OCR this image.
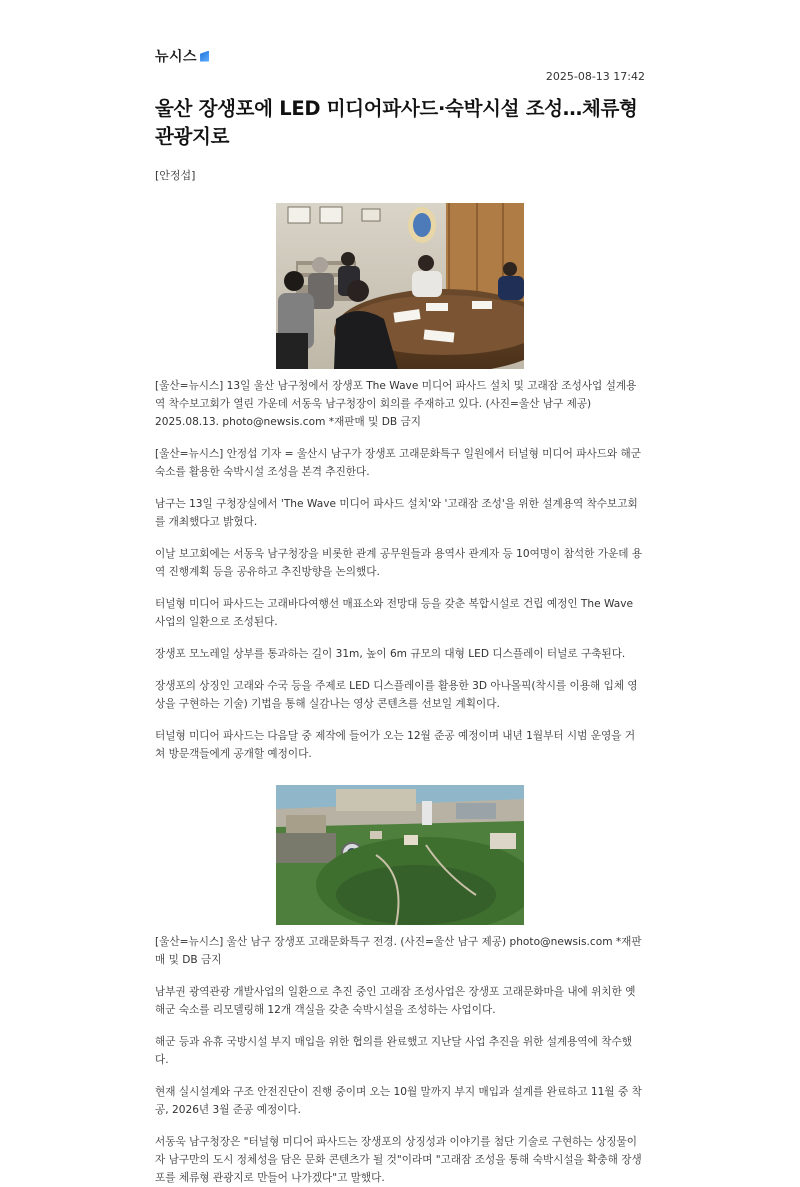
뉴시스
2025-08-13 17:42
울산 장생포에 LED 미디어파사드·숙박시설 조성…체류형 관광지로
[안정섭]
[울산=뉴시스] 13일 울산 남구청에서 장생포 The Wave 미디어 파사드 설치 및 고래잠 조성사업 설계용역 착수보고회가 열린 가운데 서동욱 남구청장이 회의를 주재하고 있다. (사진=울산 남구 제공) 2025.08.13. photo@newsis.com *재판매 및 DB 금지

[울산=뉴시스] 안정섭 기자 = 울산시 남구가 장생포 고래문화특구 일원에서 터널형 미디어 파사드와 해군 숙소를 활용한 숙박시설 조성을 본격 추진한다.

남구는 13일 구청장실에서 'The Wave 미디어 파사드 설치'와 '고래잠 조성'을 위한 설계용역 착수보고회를 개최했다고 밝혔다.

이날 보고회에는 서동욱 남구청장을 비롯한 관계 공무원들과 용역사 관계자 등 10여명이 참석한 가운데 용역 진행계획 등을 공유하고 추진방향을 논의했다.

터널형 미디어 파사드는 고래바다여행선 매표소와 전망대 등을 갖춘 복합시설로 건립 예정인 The Wave 사업의 일환으로 조성된다.

장생포 모노레일 상부를 통과하는 길이 31m, 높이 6m 규모의 대형 LED 디스플레이 터널로 구축된다.

장생포의 상징인 고래와 수국 등을 주제로 LED 디스플레이를 활용한 3D 아나몰픽(착시를 이용해 입체 영상을 구현하는 기술) 기법을 통해 실감나는 영상 콘텐츠를 선보일 계획이다.

터널형 미디어 파사드는 다음달 중 제작에 들어가 오는 12월 준공 예정이며 내년 1월부터 시범 운영을 거쳐 방문객들에게 공개할 예정이다.

[울산=뉴시스] 울산 남구 장생포 고래문화특구 전경. (사진=울산 남구 제공) photo@newsis.com *재판매 및 DB 금지

남부권 광역관광 개발사업의 일환으로 추진 중인 고래잠 조성사업은 장생포 고래문화마을 내에 위치한 옛 해군 숙소를 리모델링해 12개 객실을 갖춘 숙박시설을 조성하는 사업이다.

해군 등과 유휴 국방시설 부지 매입을 위한 협의를 완료했고 지난달 사업 추진을 위한 설계용역에 착수했다.

현재 실시설계와 구조 안전진단이 진행 중이며 오는 10월 말까지 부지 매입과 설계를 완료하고 11월 중 착공, 2026년 3월 준공 예정이다.

서동욱 남구청장은 "터널형 미디어 파사드는 장생포의 상징성과 이야기를 첨단 기술로 구현하는 상징물이자 남구만의 도시 정체성을 담은 문화 콘텐츠가 될 것"이라며 "고래잠 조성을 통해 숙박시설을 확충해 장생포를 체류형 관광지로 만들어 나가겠다"고 말했다.
